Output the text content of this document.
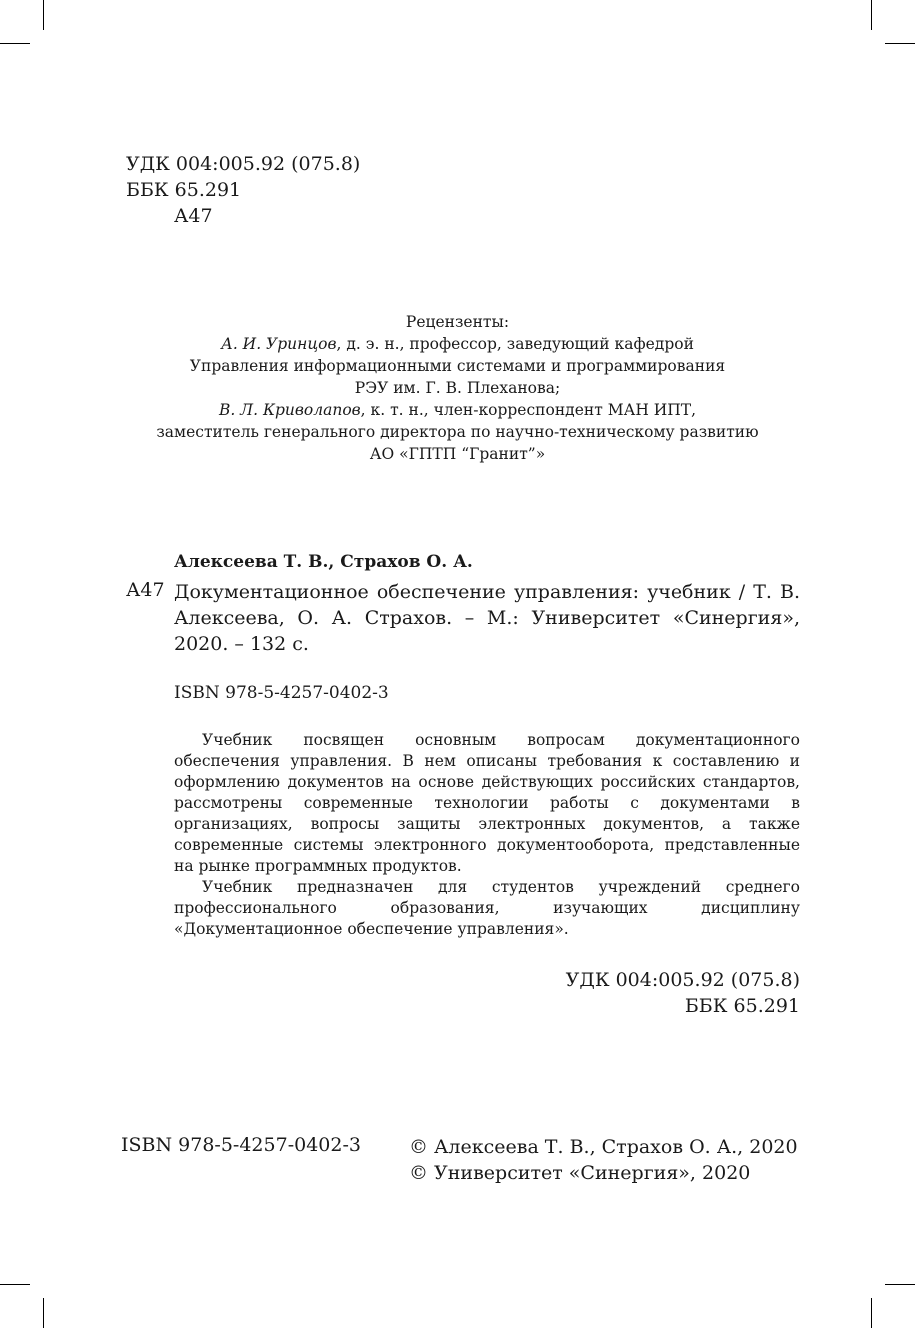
УДК 004:005.92 (075.8)
ББК 65.291
А47
Рецензенты:
А. И. Уринцов, д. э. н., профессор, заведующий кафедрой
Управления информационными системами и программирования
РЭУ им. Г. В. Плеханова;
В. Л. Криволапов, к. т. н., член-корреспондент МАН ИПТ,
заместитель генерального директора по научно-техническому развитию
АО «ГПТП “Гранит”»
Алексеева Т. В., Страхов О. А.
А47 Документационное обеспечение управления: учебник / Т. В. Алексеева, О. А. Страхов. – М.: Университет «Синергия», 2020. – 132 с.
ISBN 978-5-4257-0402-3

Учебник посвящен основным вопросам документационного обеспечения управления. В нем описаны требования к составлению и оформлению документов на основе действующих российских стандартов, рассмотрены современные технологии работы с документами в организациях, вопросы защиты электронных документов, а также современные системы электронного документооборота, представленные на рынке программных продуктов.

Учебник предназначен для студентов учреждений среднего профессионального образования, изучающих дисциплину «Документационное обеспечение управления».

УДК 004:005.92 (075.8)
ББК 65.291
ISBN 978-5-4257-0402-3	© Алексеева Т. В., Страхов О. А., 2020
© Университет «Синергия», 2020
